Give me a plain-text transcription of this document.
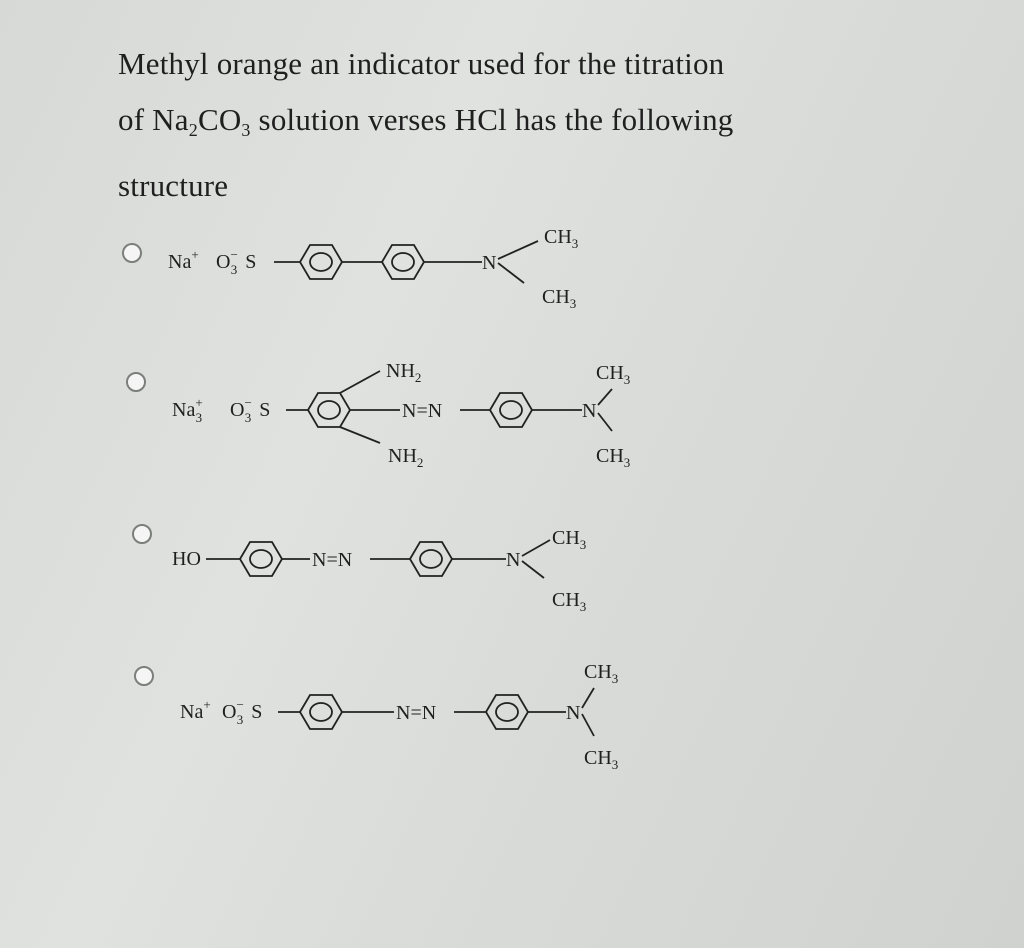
Methyl orange an indicator used for the titration
of $Na_2CO_3$ solution verses HCl has the following
structure
Na+ O− 3 S	N
$CH_3$
$CH_3$
Na+ 3 O− 3 S
$NH_2$
$NH_2$
N=N	N
$CH_3$
$CH_3$
HO	N=N	N
$CH_3$
$CH_3$
Na+ O− 3 S	N=N	N
$CH_3$
$CH_3$
